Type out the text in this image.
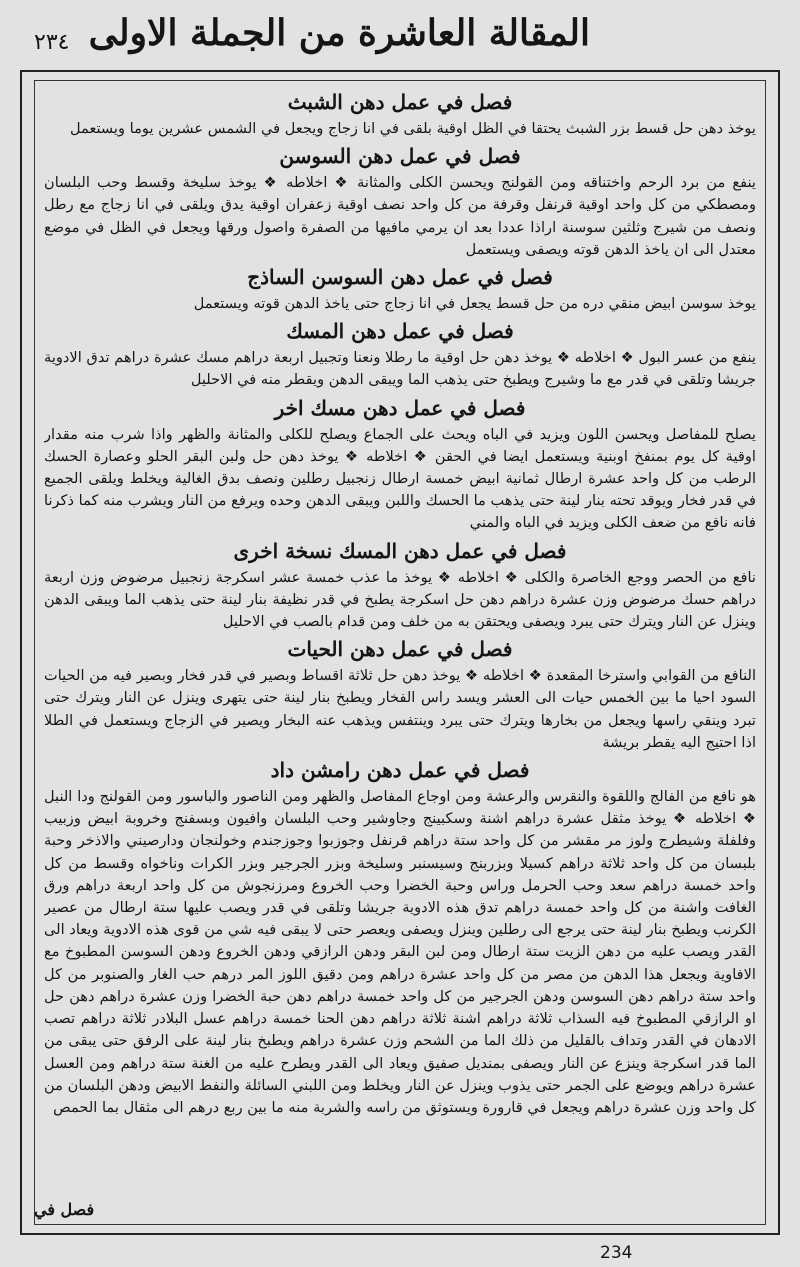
۲۳٤ المقالة العاشرة من الجملة الاولى
فصل في عمل دهن الشبث

يوخذ دهن حل قسط بزر الشبث يحتقا في الظل اوقية بلقى في انا زجاج ويجعل في الشمس عشرين يوما ويستعمل

فصل في عمل دهن السوسن

ينفع من برد الرحم واختناقه ومن القولنج ويحسن الكلى والمثانة ❖ اخلاطه ❖ يوخذ سليخة وقسط وحب البلسان ومصطكي من كل واحد اوقية قرنفل وقرفة من كل واحد نصف اوقية زعفران اوقية يدق ويلقى في انا زجاج مع رطل ونصف من شيرج وثلثين سوسنة اراذا عددا بعد ان يرمي مافيها من الصفرة واصول ورقها ويجعل في الظل في موضع معتدل الى ان ياخذ الدهن قوته ويصفى ويستعمل

فصل في عمل دهن السوسن الساذج

يوخذ سوسن ابيض منقي دره من حل قسط يجعل في انا زجاج حتى ياخذ الدهن قوته ويستعمل

فصل في عمل دهن المسك

ينفع من عسر البول ❖ اخلاطه ❖ يوخذ دهن حل اوقية ما رطلا ونعنا وتجبيل اربعة دراهم مسك عشرة دراهم تدق الادوية جريشا وتلقى في قدر مع ما وشيرج ويطبخ حتى يذهب الما ويبقى الدهن ويقطر منه في الاحليل

فصل في عمل دهن مسك اخر

يصلح للمفاصل ويحسن اللون ويزيد في الباه ويحث على الجماع ويصلح للكلى والمثانة والظهر واذا شرب منه مقدار اوقية كل يوم بمنفخ اوبنية ويستعمل ايضا في الحقن ❖ اخلاطه ❖ يوخذ دهن حل ولبن البقر الحلو وعصارة الحسك الرطب من كل واحد عشرة ارطال ثمانية ابيض خمسة ارطال زنجبيل رطلين ونصف بدق الغالية ويخلط ويلقى الجميع في قدر فخار ويوقد تحته بنار لينة حتى يذهب ما الحسك واللبن ويبقى الدهن وحده ويرفع من النار ويشرب منه كما ذكرنا فانه نافع من ضعف الكلى ويزيد في الباه والمني

فصل في عمل دهن المسك نسخة اخرى

نافع من الحصر ووجع الخاصرة والكلى ❖ اخلاطه ❖ يوخذ ما عذب خمسة عشر اسكرجة زنجبيل مرضوض وزن اربعة دراهم حسك مرضوض وزن عشرة دراهم دهن حل اسكرجة يطبخ في قدر نظيفة بنار لينة حتى يذهب الما ويبقى الدهن وينزل عن النار ويترك حتى يبرد ويصفى ويحتقن به من خلف ومن قدام بالصب في الاحليل

فصل في عمل دهن الحيات

النافع من القوابي واسترخا المقعدة ❖ اخلاطه ❖ يوخذ دهن حل ثلاثة اقساط وبصير في قدر فخار وبصير فيه من الحيات السود احيا ما بين الخمس حيات الى العشر ويسد راس الفخار ويطبخ بنار لينة حتى يتهرى وينزل عن النار ويترك حتى تبرد وينقي راسها ويجعل من بخارها ويترك حتى يبرد وينتفس ويذهب عنه البخار ويصير في الزجاج ويستعمل في الطلا اذا احتيج اليه يقطر بريشة

فصل في عمل دهن رامشن داد

هو نافع من الفالج واللقوة والنقرس والرعشة ومن اوجاع المفاصل والظهر ومن الناصور والباسور ومن القولنج ودا النبل ❖ اخلاطه ❖ يوخذ مثقل عشرة دراهم اشنة وسكبينج وجاوشير وحب البلسان وافيون وبسفنج وخروبة ابيض وزبيب وفلفلة وشيطرج ولوز مر مقشر من كل واحد ستة دراهم قرنفل وجوزبوا وجوزجندم وخولنجان ودارصيني والاذخر وحبة بلبسان من كل واحد ثلاثة دراهم كسيلا وبزربنج وسيسنبر وسليخة وبزر الجرجير وبزر الكرات وناخواه وقسط من كل واحد خمسة دراهم سعد وحب الحرمل وراس وحبة الخضرا وحب الخروع ومرزنجوش من كل واحد اربعة دراهم ورق الغافت واشنة من كل واحد خمسة دراهم تدق هذه الادوية جريشا وتلقى في قدر ويصب عليها ستة ارطال من عصير الكرنب ويطبخ بنار لينة حتى يرجع الى رطلين وينزل ويصفى ويعصر حتى لا يبقى فيه شي من قوى هذه الادوية ويعاد الى القدر ويصب عليه من دهن الزيت ستة ارطال ومن لبن البقر ودهن الرازقي ودهن الخروع ودهن السوسن المطبوخ مع الافاوية ويجعل هذا الدهن من مصر من كل واحد عشرة دراهم ومن دقيق اللوز المر درهم حب الغار والصنوبر من كل واحد ستة دراهم دهن السوسن ودهن الجرجير من كل واحد خمسة دراهم دهن حبة الخضرا وزن عشرة دراهم دهن حل او الرازقي المطبوخ فيه السذاب ثلاثة دراهم اشنة ثلاثة دراهم دهن الحنا خمسة دراهم عسل البلادر ثلاثة دراهم تصب الادهان في القدر وتداف بالقليل من ذلك الما من الشحم وزن عشرة دراهم ويطبخ بنار لينة على الرفق حتى يبقى من الما قدر اسكرجة وينزع عن النار ويصفى بمنديل صفيق ويعاد الى القدر ويطرح عليه من الغنة ستة دراهم ومن العسل عشرة دراهم ويوضع على الجمر حتى يذوب وينزل عن النار ويخلط ومن اللبني السائلة والنفط الابيض ودهن البلسان من كل واحد وزن عشرة دراهم ويجعل في قارورة ويستوثق من راسه والشربة منه ما بين ربع درهم الى مثقال بما الحمص

فصل في
234
